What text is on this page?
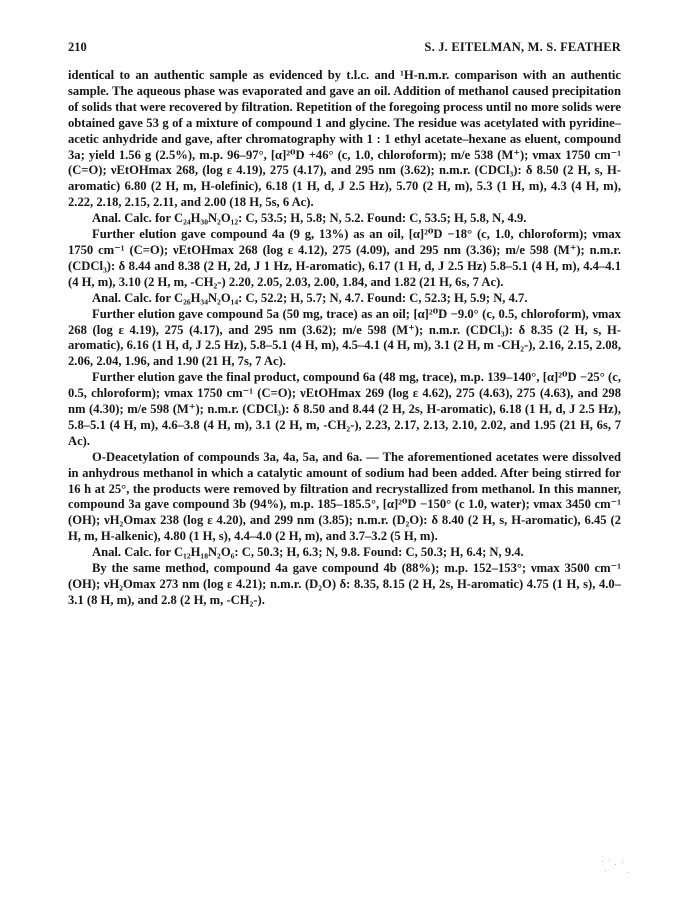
210	S. J. EITELMAN, M. S. FEATHER

identical to an authentic sample as evidenced by t.l.c. and ¹H-n.m.r. comparison with an authentic sample. The aqueous phase was evaporated and gave an oil. Addition of methanol caused precipitation of solids that were recovered by filtration. Repetition of the foregoing process until no more solids were obtained gave 53 g of a mixture of compound 1 and glycine. The residue was acetylated with pyridine–acetic anhydride and gave, after chromatography with 1 : 1 ethyl acetate–hexane as eluent, compound 3a; yield 1.56 g (2.5%), m.p. 96–97°, [α]²⁰D +46° (c, 1.0, chloroform); m/e 538 (M⁺); νmax 1750 cm⁻¹ (C=O); νEtOHmax 268, (log ε 4.19), 275 (4.17), and 295 nm (3.62); n.m.r. (CDCl₃): δ 8.50 (2 H, s, H-aromatic) 6.80 (2 H, m, H-olefinic), 6.18 (1 H, d, J 2.5 Hz), 5.70 (2 H, m), 5.3 (1 H, m), 4.3 (4 H, m), 2.22, 2.18, 2.15, 2.11, and 2.00 (18 H, 5s, 6 Ac).

Anal. Calc. for C₂₄H₃₀N₂O₁₂: C, 53.5; H, 5.8; N, 5.2. Found: C, 53.5; H, 5.8, N, 4.9.

Further elution gave compound 4a (9 g, 13%) as an oil, [α]²⁰D −18° (c, 1.0, chloroform); νmax 1750 cm⁻¹ (C=O); νEtOHmax 268 (log ε 4.12), 275 (4.09), and 295 nm (3.36); m/e 598 (M⁺); n.m.r. (CDCl₃): δ 8.44 and 8.38 (2 H, 2d, J 1 Hz, H-aromatic), 6.17 (1 H, d, J 2.5 Hz) 5.8–5.1 (4 H, m), 4.4–4.1 (4 H, m), 3.10 (2 H, m, -CH₂-) 2.20, 2.05, 2.03, 2.00, 1.84, and 1.82 (21 H, 6s, 7 Ac).

Anal. Calc. for C₂₆H₃₄N₂O₁₄: C, 52.2; H, 5.7; N, 4.7. Found: C, 52.3; H, 5.9; N, 4.7.

Further elution gave compound 5a (50 mg, trace) as an oil; [α]²⁰D −9.0° (c, 0.5, chloroform), νmax 268 (log ε 4.19), 275 (4.17), and 295 nm (3.62); m/e 598 (M⁺); n.m.r. (CDCl₃): δ 8.35 (2 H, s, H-aromatic), 6.16 (1 H, d, J 2.5 Hz), 5.8–5.1 (4 H, m), 4.5–4.1 (4 H, m), 3.1 (2 H, m -CH₂-), 2.16, 2.15, 2.08, 2.06, 2.04, 1.96, and 1.90 (21 H, 7s, 7 Ac).

Further elution gave the final product, compound 6a (48 mg, trace), m.p. 139–140°, [α]²⁰D −25° (c, 0.5, chloroform); νmax 1750 cm⁻¹ (C=O); νEtOHmax 269 (log ε 4.62), 275 (4.63), 275 (4.63), and 298 nm (4.30); m/e 598 (M⁺); n.m.r. (CDCl₃): δ 8.50 and 8.44 (2 H, 2s, H-aromatic), 6.18 (1 H, d, J 2.5 Hz), 5.8–5.1 (4 H, m), 4.6–3.8 (4 H, m), 3.1 (2 H, m, -CH₂-), 2.23, 2.17, 2.13, 2.10, 2.02, and 1.95 (21 H, 6s, 7 Ac).

O-Deacetylation of compounds 3a, 4a, 5a, and 6a. — The aforementioned acetates were dissolved in anhydrous methanol in which a catalytic amount of sodium had been added. After being stirred for 16 h at 25°, the products were removed by filtration and recrystallized from methanol. In this manner, compound 3a gave compound 3b (94%), m.p. 185–185.5°, [α]²⁰D −150° (c 1.0, water); νmax 3450 cm⁻¹ (OH); νH₂Omax 238 (log ε 4.20), and 299 nm (3.85); n.m.r. (D₂O): δ 8.40 (2 H, s, H-aromatic), 6.45 (2 H, m, H-alkenic), 4.80 (1 H, s), 4.4–4.0 (2 H, m), and 3.7–3.2 (5 H, m).

Anal. Calc. for C₁₂H₁₈N₂O₆: C, 50.3; H, 6.3; N, 9.8. Found: C, 50.3; H, 6.4; N, 9.4.

By the same method, compound 4a gave compound 4b (88%); m.p. 152–153°; νmax 3500 cm⁻¹ (OH); νH₂Omax 273 nm (log ε 4.21); n.m.r. (D₂O) δ: 8.35, 8.15 (2 H, 2s, H-aromatic) 4.75 (1 H, s), 4.0–3.1 (8 H, m), and 2.8 (2 H, m, -CH₂-).
